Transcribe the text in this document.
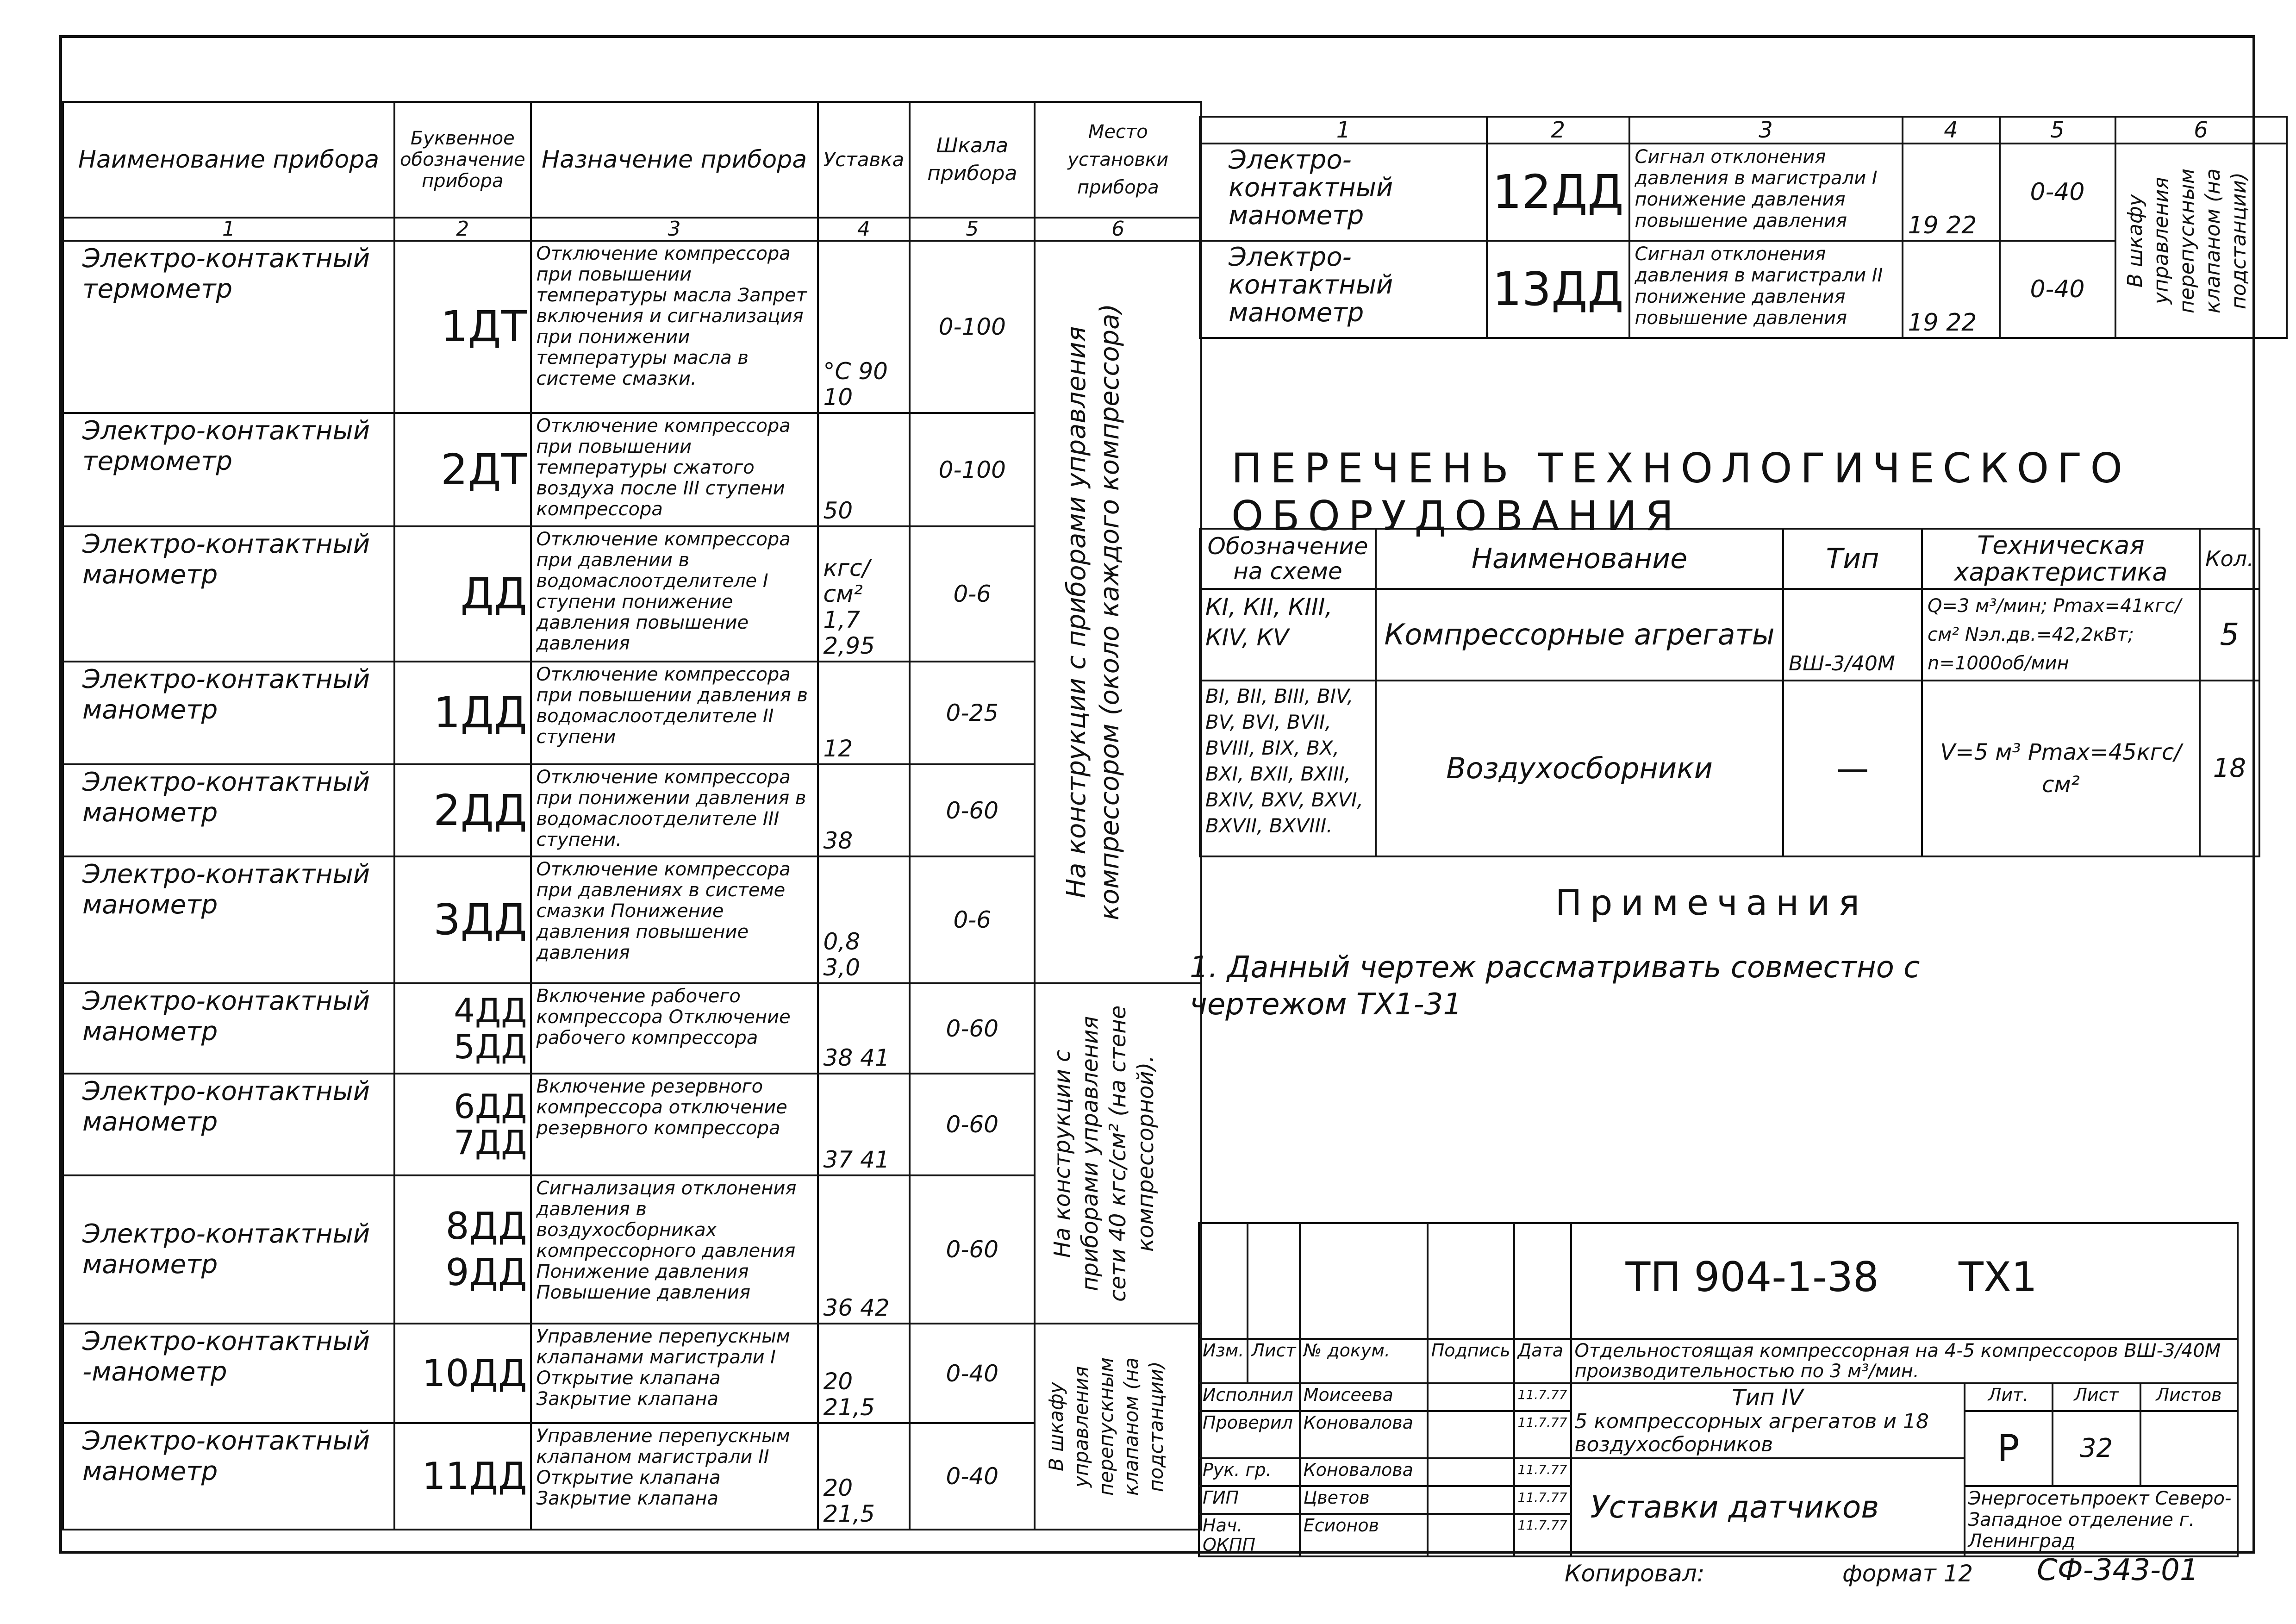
Наименование прибора	Буквенное обозначение прибора	Назначение прибора	Уставка	Шкала прибора	Место установки прибора
1	2	3	4	5	6
Электро-контактный термометр	1ДТ	Отключение компрессора при повышении температуры масла Запрет включения и сигнализация при понижении температуры масла в системе смазки.	°С 90 10	0-100	На конструкции с приборами управления компрессором (около каждого компрессора)

Электро-контактный термометр	2ДТ	Отключение компрессора при повышении температуры сжатого воздуха после III ступени компрессора	50	0-100	
Электро-контактный манометр	ДД	Отключение компрессора при давлении в водомаслоотделителе I ступени понижение давления повышение давления	кгс/см² 1,7 2,95	0-6	
Электро-контактный манометр	1ДД	Отключение компрессора при повышении давления в водомаслоотделителе II ступени	12	0-25	
Электро-контактный манометр	2ДД	Отключение компрессора при понижении давления в водомаслоотделителе III ступени.	38	0-60	
Электро-контактный манометр	3ДД	Отключение компрессора при давлениях в системе смазки Понижение давления повышение давления	0,8 3,0	0-6	
Электро-контактный манометр	4ДД 5ДД	Включение рабочего компрессора Отключение рабочего компрессора	38 41	0-60	На конструкции с приборами управления сети 40 кгс/см² (на стене компрессорной).

Электро-контактный манометр	6ДД 7ДД	Включение резервного компрессора отключение резервного компрессора	37 41	0-60	
Электро-контактный манометр	8ДД 9ДД	Сигнализация отклонения давления в воздухосборниках компрессорного давления Понижение давления Повышение давления	36 42	0-60	
Электро-контактный -манометр	10ДД	Управление перепускным клапанами магистрали I Открытие клапана Закрытие клапана	20 21,5	0-40	В шкафу управления перепускным клапаном (на подстанции)

Электро-контактный манометр	11ДД	Управление перепускным клапаном магистрали II Открытие клапана Закрытие клапана	20 21,5	0-40	
1	2	3	4	5	6
Электро-контактный манометр	12ДД	Сигнал отклонения давления в магистрали I понижение давления повышение давления	19 22	0-40	В шкафу управления перепускным клапаном (на подстанции)

Электро-контактный манометр	13ДД	Сигнал отклонения давления в магистрали II понижение давления повышение давления	19 22	0-40	
ПЕРЕЧЕНЬ ТЕХНОЛОГИЧЕСКОГО ОБОРУДОВАНИЯ
Обозначение на схеме	Наименование	Тип	Техническая характеристика	Кол.
КI, КII, КIII, КIV, КV	Компрессорные агрегаты	ВШ-3/40М	Q=3 м³/мин; Pmax=41кгс/см² Nэл.дв.=42,2кВт; n=1000об/мин	5
BI, BII, BIII, BIV, BV, BVI, BVII, BVIII, BIX, BX, BXI, BXII, BXIII, BXIV, BXV, BXVI, BXVII, BXVIII.	Воздухосборники	—	V=5 м³ Pmax=45кгс/см²	18
Примечания
1. Данный чертеж рассматривать совместно с чертежом ТХ1-31
					ТП 904-1-38 ТХ1			
Изм.	Лист	№ докум.	Подпись	Дата	Отдельностоящая компрессорная на 4-5 компрессоров ВШ-3/40М производительностью по 3 м³/мин.			
Исполнил		Моисеева		11.7.77	Тип IV
5 компрессорных агрегатов и 18 воздухосборников	Лит.	Лист	Листов
Проверил		Коновалова		11.7.77		Р	32	
Рук. гр.		Коновалова		11.7.77	Уставки датчиков			
ГИП		Цветов		11.7.77		Энергосетьпроект Северо-Западное отделение г. Ленинград		
Нач. ОКПП		Есионов		11.7.77				
Копировал:	формат 12 СФ-343-01
